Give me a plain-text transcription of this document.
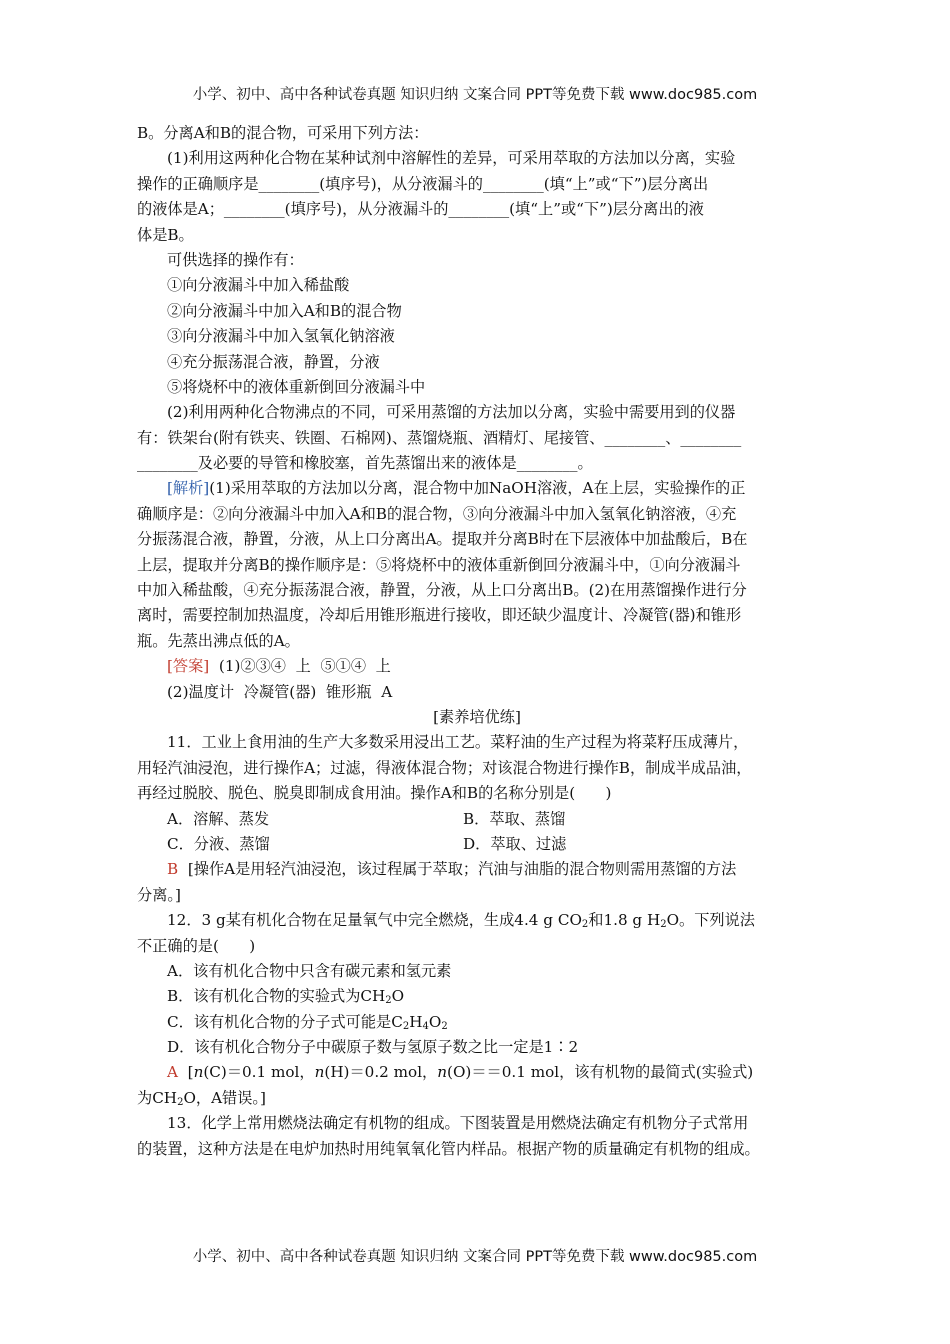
小学、初中、高中各种试卷真题 知识归纳 文案合同 PPT等免费下载 www.doc985.com
B。分离A和B的混合物，可采用下列方法：
(1)利用这两种化合物在某种试剂中溶解性的差异，可采用萃取的方法加以分离，实验
操作的正确顺序是________(填序号)，从分液漏斗的________(填“上”或“下”)层分离出
的液体是A；________(填序号)，从分液漏斗的________(填“上”或“下”)层分离出的液
体是B。
可供选择的操作有：
①向分液漏斗中加入稀盐酸
②向分液漏斗中加入A和B的混合物
③向分液漏斗中加入氢氧化钠溶液
④充分振荡混合液，静置，分液
⑤将烧杯中的液体重新倒回分液漏斗中
(2)利用两种化合物沸点的不同，可采用蒸馏的方法加以分离，实验中需要用到的仪器
有：铁架台(附有铁夹、铁圈、石棉网)、蒸馏烧瓶、酒精灯、尾接管、________、________
________及必要的导管和橡胶塞，首先蒸馏出来的液体是________。
[解析](1)采用萃取的方法加以分离，混合物中加NaOH溶液，A在上层，实验操作的正
确顺序是：②向分液漏斗中加入A和B的混合物，③向分液漏斗中加入氢氧化钠溶液，④充
分振荡混合液，静置，分液，从上口分离出A。提取并分离B时在下层液体中加盐酸后，B在
上层，提取并分离B的操作顺序是：⑤将烧杯中的液体重新倒回分液漏斗中，①向分液漏斗
中加入稀盐酸，④充分振荡混合液，静置，分液，从上口分离出B。(2)在用蒸馏操作进行分
离时，需要控制加热温度，冷却后用锥形瓶进行接收，即还缺少温度计、冷凝管(器)和锥形
瓶。先蒸出沸点低的A。
[答案]  (1)②③④  上  ⑤①④  上
(2)温度计  冷凝管(器)  锥形瓶  A
[素养培优练]
11．工业上食用油的生产大多数采用浸出工艺。菜籽油的生产过程为将菜籽压成薄片，
用轻汽油浸泡，进行操作A；过滤，得液体混合物；对该混合物进行操作B，制成半成品油，
再经过脱胶、脱色、脱臭即制成食用油。操作A和B的名称分别是(　　)
A．溶解、蒸发	B．萃取、蒸馏
C．分液、蒸馏	D．萃取、过滤
B  [操作A是用轻汽油浸泡，该过程属于萃取；汽油与油脂的混合物则需用蒸馏的方法
分离。]
12．3 g某有机化合物在足量氧气中完全燃烧，生成4.4 g $CO_2$和1.8 g $H_2O$。下列说法
不正确的是(　　)
A．该有机化合物中只含有碳元素和氢元素
B．该有机化合物的实验式为$CH_2O$
C．该有机化合物的分子式可能是$C_2H_4O_2$
D．该有机化合物分子中碳原子数与氢原子数之比一定是1∶2
A  [n(C)＝0.1 mol，n(H)＝0.2 mol，n(O)＝＝0.1 mol，该有机物的最简式(实验式)
为$CH_2O$，A错误。]
13．化学上常用燃烧法确定有机物的组成。下图装置是用燃烧法确定有机物分子式常用
的装置，这种方法是在电炉加热时用纯氧氧化管内样品。根据产物的质量确定有机物的组成。
小学、初中、高中各种试卷真题 知识归纳 文案合同 PPT等免费下载 www.doc985.com
